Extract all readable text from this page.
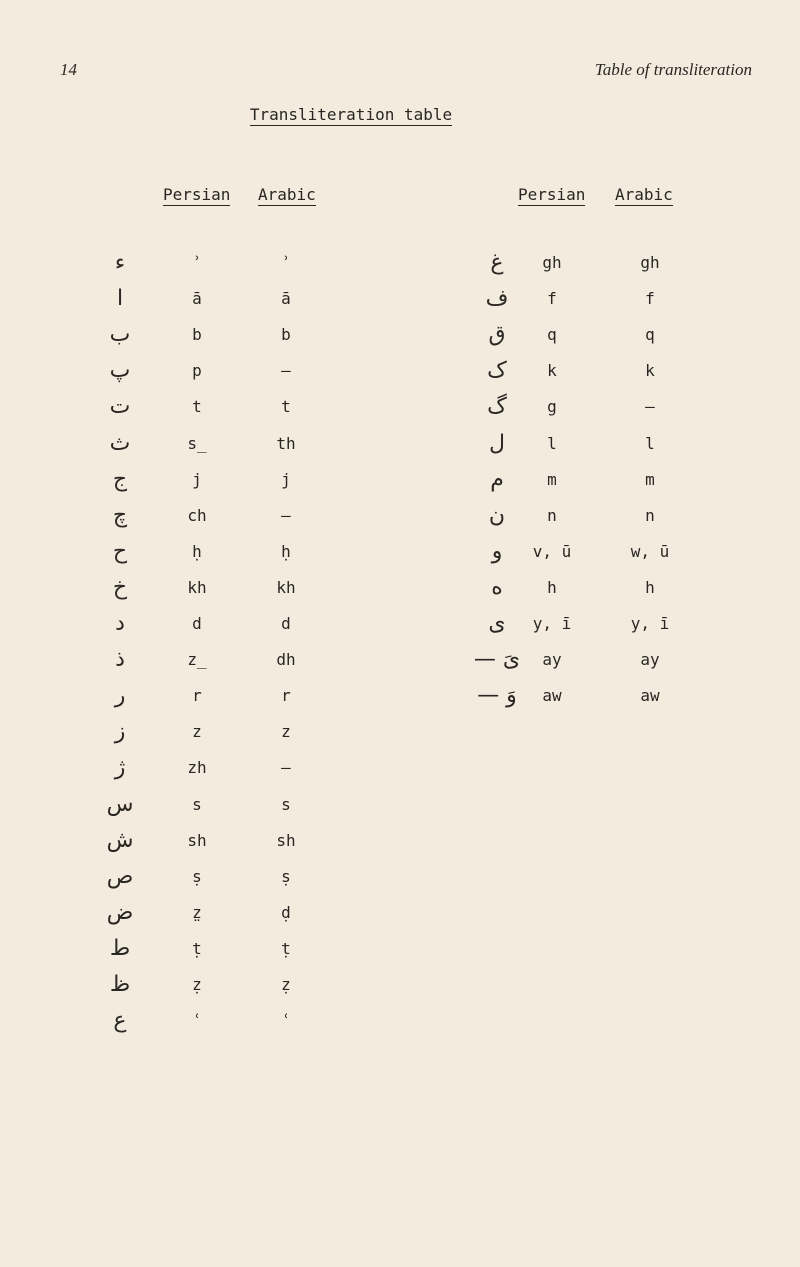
14	Table of transliteration
Transliteration table
Persian Arabic	Persian Arabic
ء	ʾ	ʾ
ا	ā	ā
ب	b	b
پ	p	—
ت	t	t
ث	s̲	th
ج	j	j
چ	ch	—
ح	ḥ	ḥ
خ	kh	kh
د	d	d
ذ	z̲	dh
ر	r	r
ز	z	z
ژ	zh	—
س	s	s
ش	sh	sh
ص	ṣ	ṣ
ض	z̤	ḍ
ط	ṭ	ṭ
ظ	ẓ	ẓ
ع	ʿ	ʿ
غ	gh	gh
ف	f	f
ق	q	q
ک	k	k
گ	g	—
ل	l	l
م	m	m
ن	n	n
و	v, ū	w, ū
ه	h	h
ی	y, ī	y, ī
یَ —	ay	ay
وَ —	aw	aw
